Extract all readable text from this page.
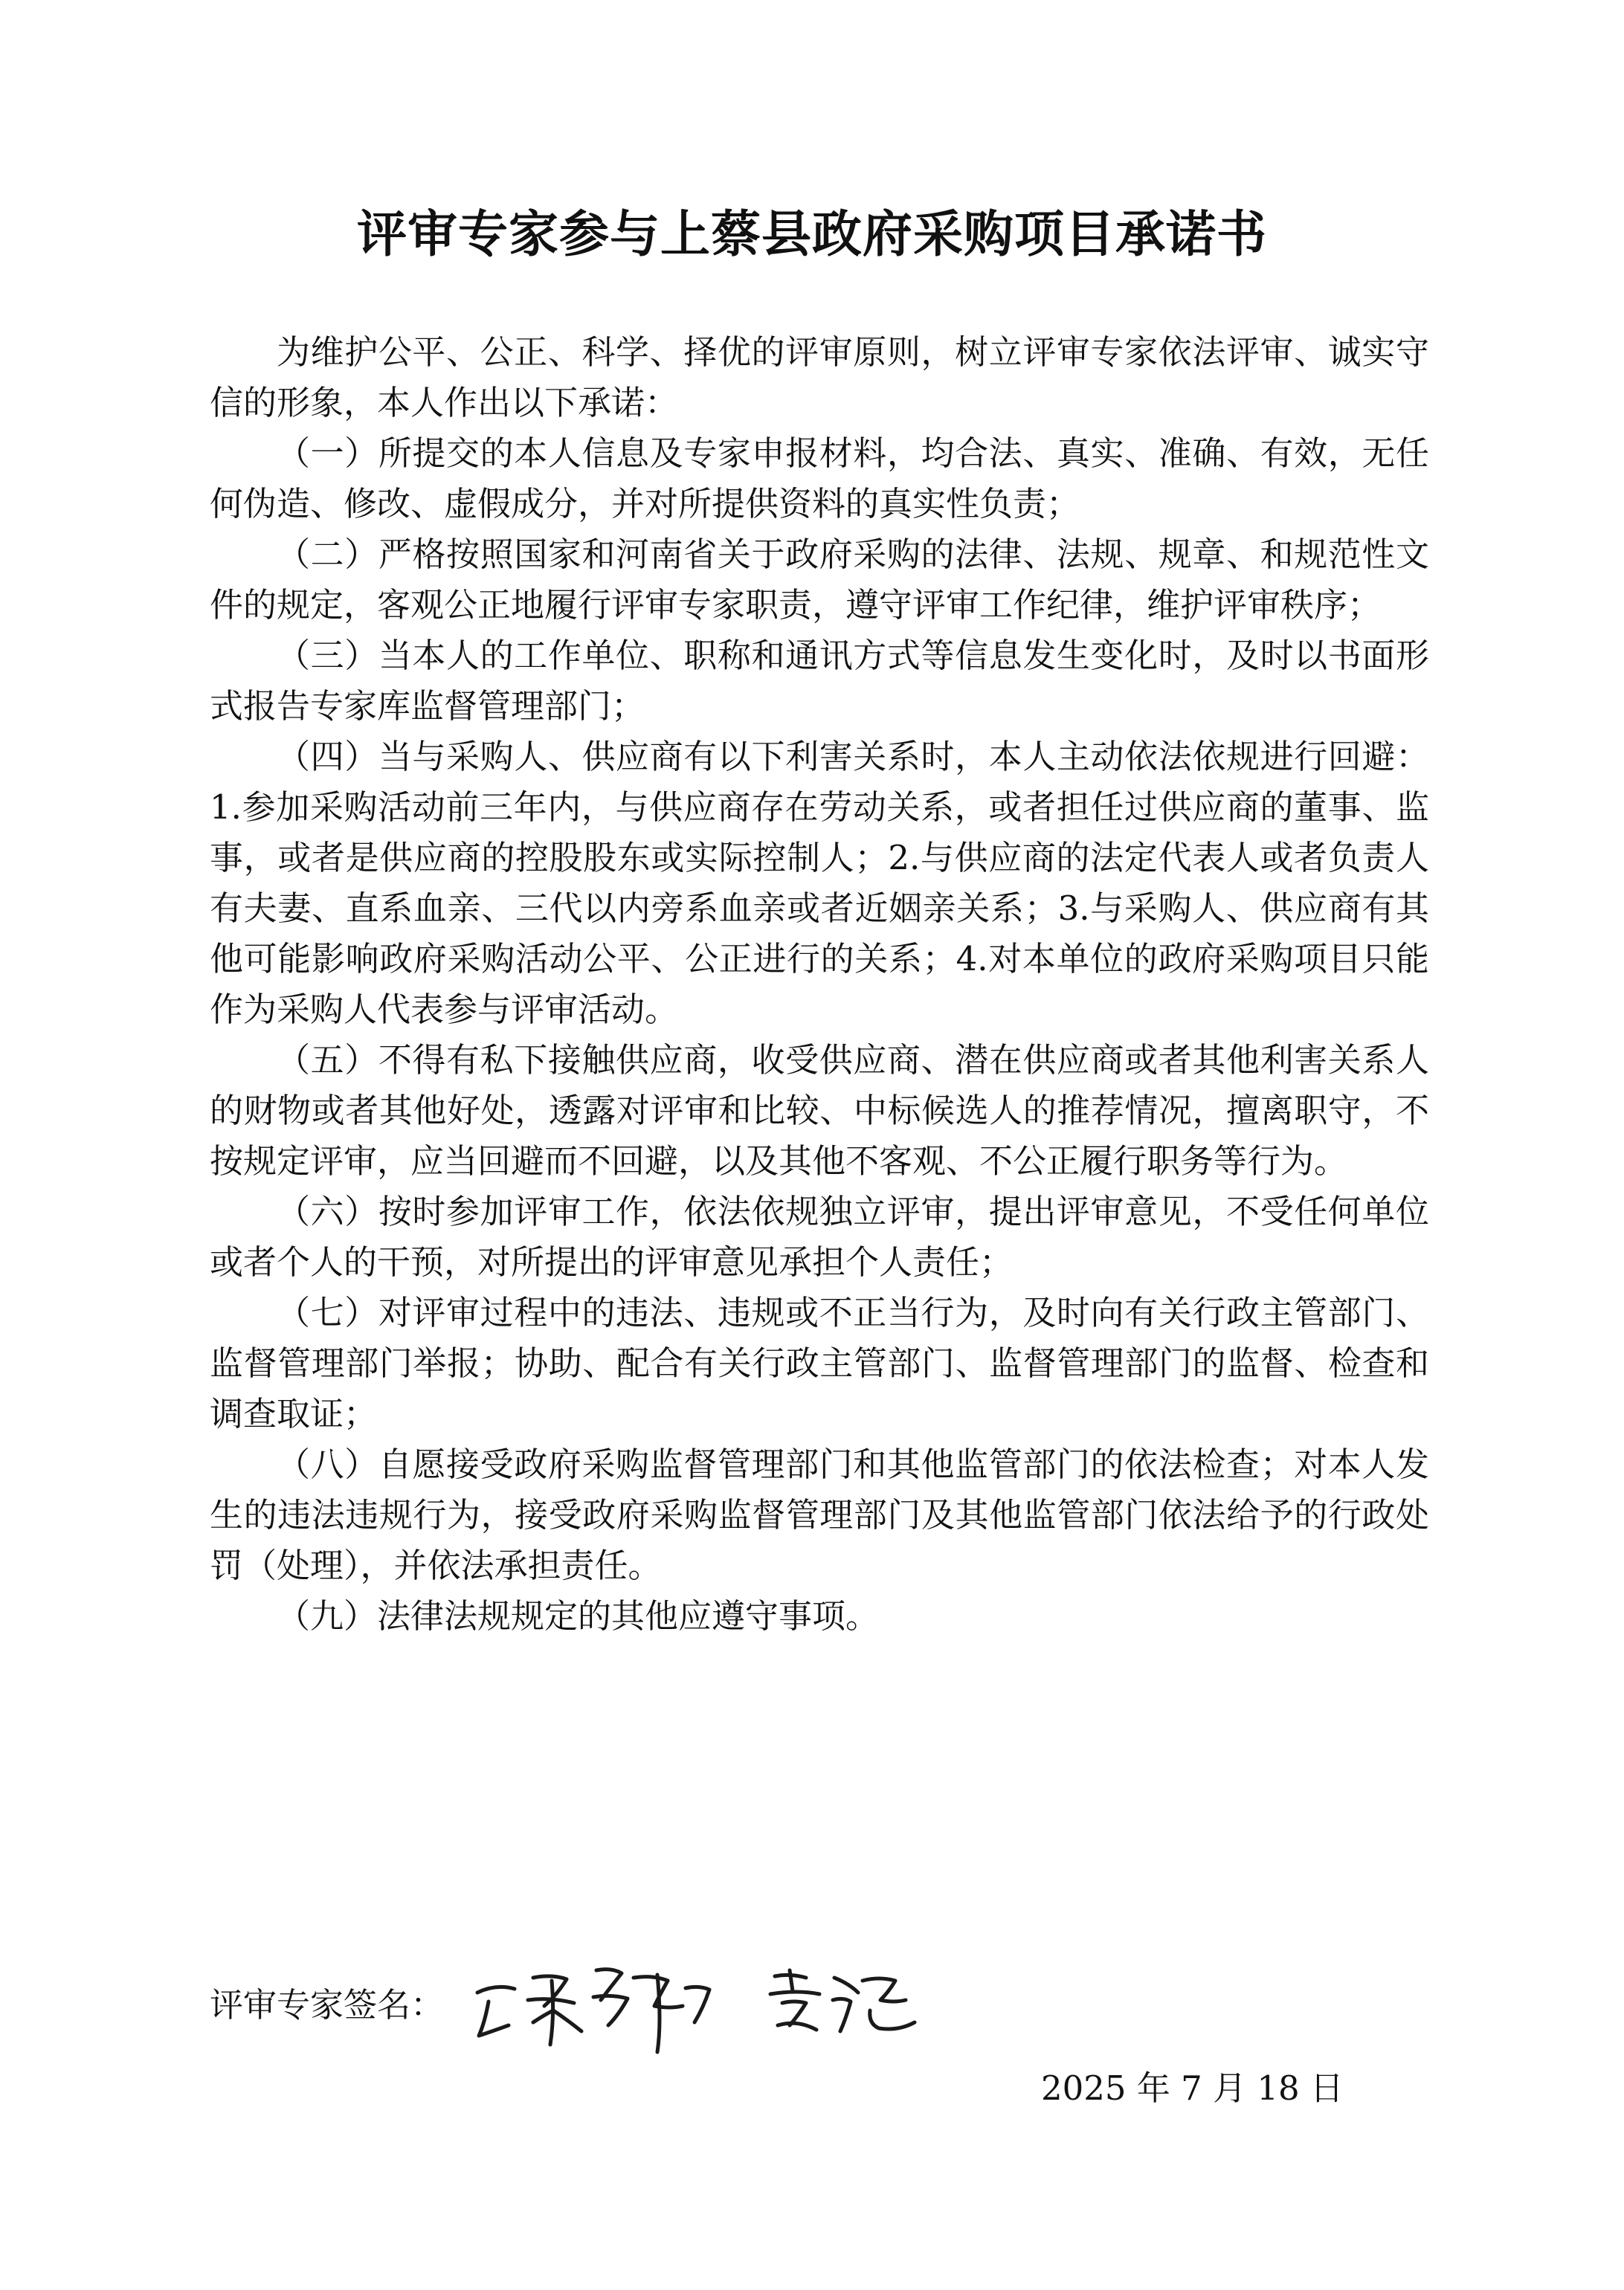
评审专家参与上蔡县政府采购项目承诺书

为维护公平、公正、科学、择优的评审原则，树立评审专家依法评审、诚实守信的形象，本人作出以下承诺：

（一）所提交的本人信息及专家申报材料，均合法、真实、准确、有效，无任何伪造、修改、虚假成分，并对所提供资料的真实性负责；

（二）严格按照国家和河南省关于政府采购的法律、法规、规章、和规范性文件的规定，客观公正地履行评审专家职责，遵守评审工作纪律，维护评审秩序；

（三）当本人的工作单位、职称和通讯方式等信息发生变化时，及时以书面形式报告专家库监督管理部门；

（四）当与采购人、供应商有以下利害关系时，本人主动依法依规进行回避：1.参加采购活动前三年内，与供应商存在劳动关系，或者担任过供应商的董事、监事，或者是供应商的控股股东或实际控制人；2.与供应商的法定代表人或者负责人有夫妻、直系血亲、三代以内旁系血亲或者近姻亲关系；3.与采购人、供应商有其他可能影响政府采购活动公平、公正进行的关系；4.对本单位的政府采购项目只能作为采购人代表参与评审活动。

（五）不得有私下接触供应商，收受供应商、潜在供应商或者其他利害关系人的财物或者其他好处，透露对评审和比较、中标候选人的推荐情况，擅离职守，不按规定评审，应当回避而不回避，以及其他不客观、不公正履行职务等行为。

（六）按时参加评审工作，依法依规独立评审，提出评审意见，不受任何单位或者个人的干预，对所提出的评审意见承担个人责任；

（七）对评审过程中的违法、违规或不正当行为，及时向有关行政主管部门、监督管理部门举报；协助、配合有关行政主管部门、监督管理部门的监督、检查和调查取证；

（八）自愿接受政府采购监督管理部门和其他监管部门的依法检查；对本人发生的违法违规行为，接受政府采购监督管理部门及其他监管部门依法给予的行政处罚（处理），并依法承担责任。

（九）法律法规规定的其他应遵守事项。

评审专家签名：
2025 年 7 月 18 日
